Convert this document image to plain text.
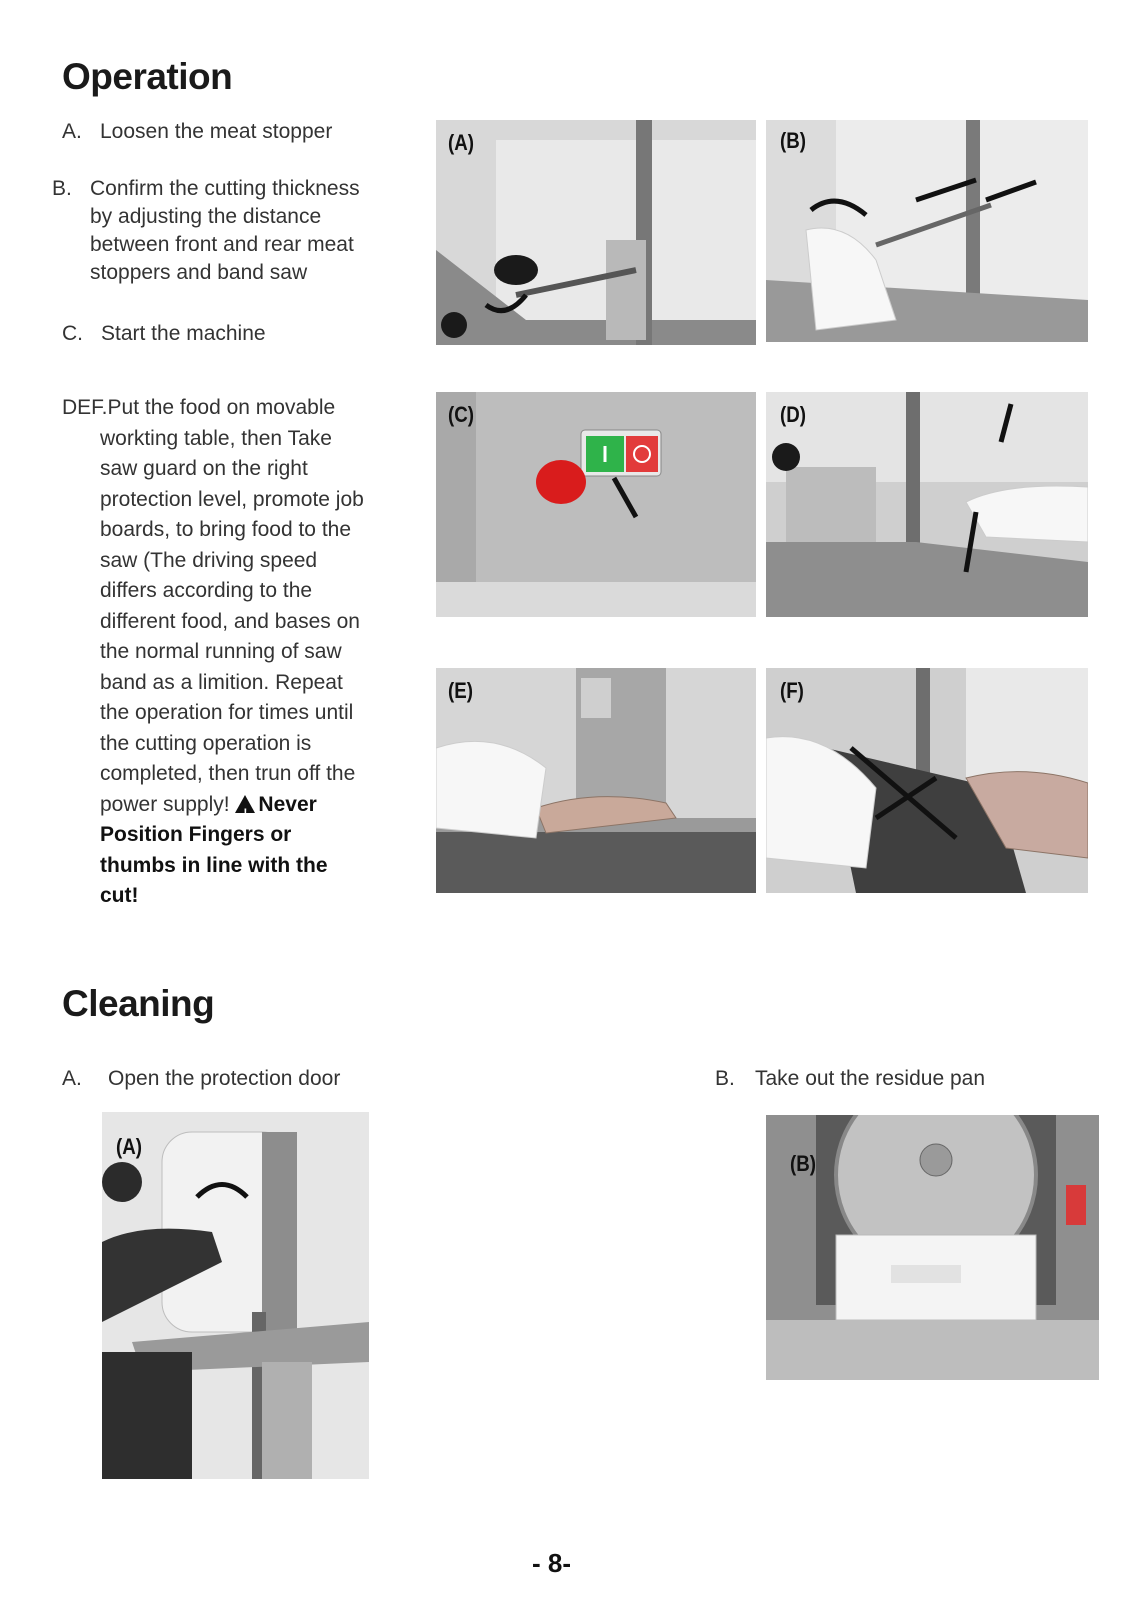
Operation
A. Loosen the meat stopper
B. Confirm the cutting thickness
by adjusting the distance
between front and rear meat
stoppers and band saw
C. Start the machine
DEF.Put the food on movable
workting table, then Take
saw guard on the right
protection level, promote job
boards, to bring food to the
saw (The driving speed
differs according to the
different food, and bases on
the normal running of saw
band as a limition. Repeat
the operation for times until
the cutting operation is
completed, then trun off the
power supply! ! Never
Position Fingers or
thumbs in line with the
cut!
(A)	(B)
(C)	(D)
(E)	(F)
Cleaning
A. Open the protection door	B. Take out the residue pan
(A)
(B)
- 8-
